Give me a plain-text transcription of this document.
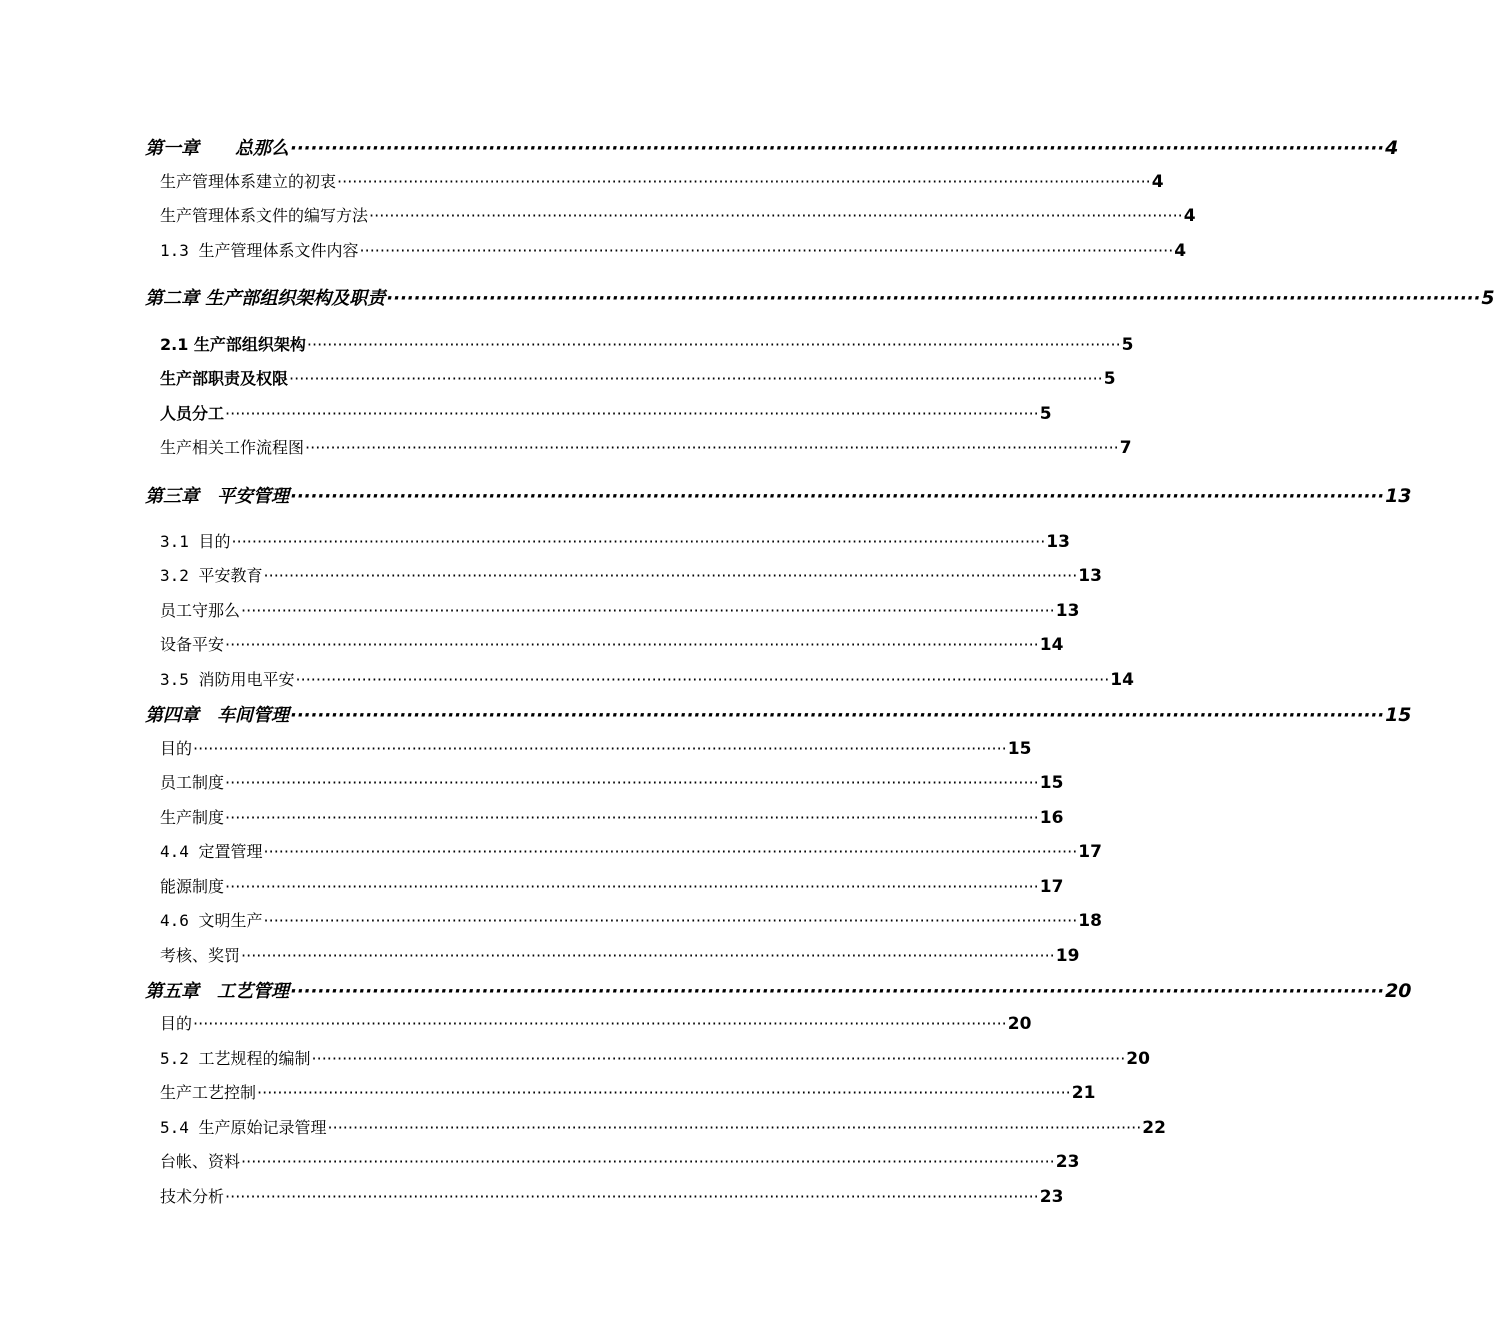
第一章　　总那么 ································································································································································ 4
生产管理体系建立的初衷 ································································································································································ 4
生产管理体系文件的编写方法 ································································································································································ 4
1.3 生产管理体系文件内容 ································································································································································ 4
第二章 生产部组织架构及职责 ································································································································································ 5
2.1 生产部组织架构 ································································································································································ 5
生产部职责及权限 ································································································································································ 5
人员分工 ································································································································································ 5
生产相关工作流程图 ································································································································································ 7
第三章　平安管理 ································································································································································ 13
3.1 目的 ································································································································································ 13
3.2 平安教育 ································································································································································ 13
员工守那么 ································································································································································ 13
设备平安 ································································································································································ 14
3.5 消防用电平安 ································································································································································ 14
第四章　车间管理 ································································································································································ 15
目的 ································································································································································ 15
员工制度 ································································································································································ 15
生产制度 ································································································································································ 16
4.4 定置管理 ································································································································································ 17
能源制度 ································································································································································ 17
4.6 文明生产 ································································································································································ 18
考核、奖罚 ································································································································································ 19
第五章　工艺管理 ································································································································································ 20
目的 ································································································································································ 20
5.2 工艺规程的编制 ································································································································································ 20
生产工艺控制 ································································································································································ 21
5.4 生产原始记录管理 ································································································································································ 22
台帐、资料 ································································································································································ 23
技术分析 ································································································································································ 23
